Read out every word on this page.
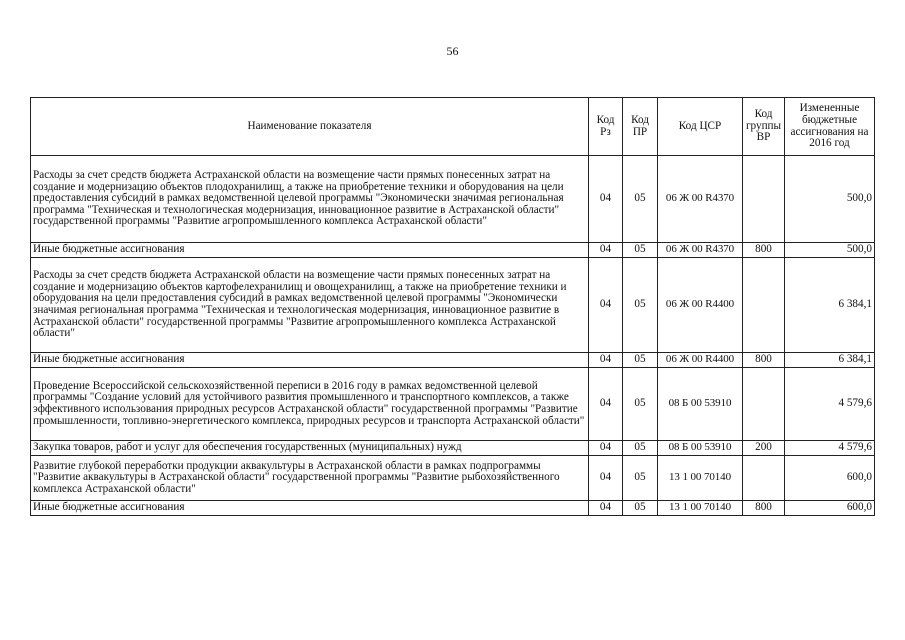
56
Наименование показателя	Код Рз	Код ПР	Код ЦСР	Код группы ВР	Измененные бюджетные ассигнования на 2016 год
Расходы за счет средств бюджета Астраханской области на возмещение части прямых понесенных затрат на создание и модернизацию объектов плодохранилищ, а также на приобретение техники и оборудования на цели предоставления субсидий в рамках ведомственной целевой программы "Экономически значимая региональная программа "Техническая и технологическая модернизация, инновационное развитие в Астраханской области" государственной программы "Развитие агропромышленного комплекса Астраханской области"	04	05	06 Ж 00 R4370		500,0
Иные бюджетные ассигнования	04	05	06 Ж 00 R4370	800	500,0
Расходы за счет средств бюджета Астраханской области на возмещение части прямых понесенных затрат на создание и модернизацию объектов картофелехранилищ и овощехранилищ, а также на приобретение техники и оборудования на цели предоставления субсидий в рамках ведомственной целевой программы "Экономически значимая региональная программа "Техническая и технологическая модернизация, инновационное развитие в Астраханской области" государственной программы "Развитие агропромышленного комплекса Астраханской области"	04	05	06 Ж 00 R4400		6 384,1
Иные бюджетные ассигнования	04	05	06 Ж 00 R4400	800	6 384,1
Проведение Всероссийской сельскохозяйственной переписи в 2016 году в рамках ведомственной целевой программы "Создание условий для устойчивого развития промышленного и транспортного комплексов, а также эффективного использования природных ресурсов Астраханской области" государственной программы "Развитие промышленности, топливно-энергетического комплекса, природных ресурсов и транспорта Астраханской области"	04	05	08 Б 00 53910		4 579,6
Закупка товаров, работ и услуг для обеспечения государственных (муниципальных) нужд	04	05	08 Б 00 53910	200	4 579,6
Развитие глубокой переработки продукции аквакультуры в Астраханской области в рамках подпрограммы "Развитие аквакультуры в Астраханской области" государственной программы "Развитие рыбохозяйственного комплекса Астраханской области"	04	05	13 1 00 70140		600,0
Иные бюджетные ассигнования	04	05	13 1 00 70140	800	600,0
